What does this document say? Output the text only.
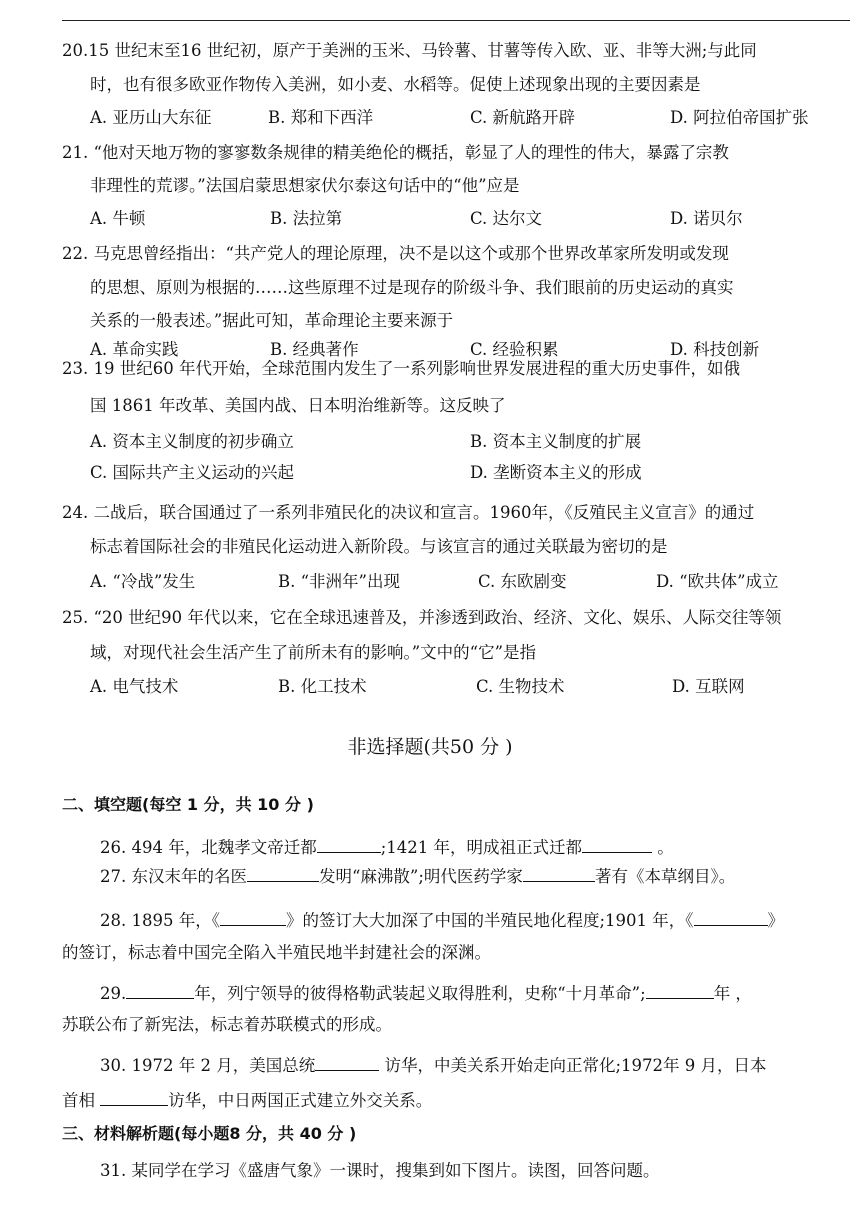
20.15 世纪末至16 世纪初，原产于美洲的玉米、马铃薯、甘薯等传入欧、亚、非等大洲;与此同
时，也有很多欧亚作物传入美洲，如小麦、水稻等。促使上述现象出现的主要因素是
A. 亚历山大东征	B. 郑和下西洋	C. 新航路开辟	D. 阿拉伯帝国扩张
21. “他对天地万物的寥寥数条规律的精美绝伦的概括，彰显了人的理性的伟大，暴露了宗教
非理性的荒谬。”法国启蒙思想家伏尔泰这句话中的“他”应是
A. 牛顿	B. 法拉第	C. 达尔文	D. 诺贝尔
22. 马克思曾经指出：“共产党人的理论原理，决不是以这个或那个世界改革家所发明或发现
的思想、原则为根据的……这些原理不过是现存的阶级斗争、我们眼前的历史运动的真实
关系的一般表述。”据此可知，革命理论主要来源于
A. 革命实践	B. 经典著作	C. 经验积累	D. 科技创新
23. 19 世纪60 年代开始，全球范围内发生了一系列影响世界发展进程的重大历史事件，如俄
国 1861 年改革、美国内战、日本明治维新等。这反映了
A. 资本主义制度的初步确立	B. 资本主义制度的扩展
C. 国际共产主义运动的兴起	D. 垄断资本主义的形成
24. 二战后，联合国通过了一系列非殖民化的决议和宣言。1960年，《反殖民主义宣言》的通过
标志着国际社会的非殖民化运动进入新阶段。与该宣言的通过关联最为密切的是
A. “冷战”发生	B. “非洲年”出现	C. 东欧剧变	D. “欧共体”成立
25. “20 世纪90 年代以来，它在全球迅速普及，并渗透到政治、经济、文化、娱乐、人际交往等领
域，对现代社会生活产生了前所未有的影响。”文中的“它”是指
A. 电气技术	B. 化工技术	C. 生物技术	D. 互联网
非选择题(共50 分 )
二、填空题(每空 1 分，共 10 分 )
26. 494 年，北魏孝文帝迁都	;1421 年，明成祖正式迁都	。
27. 东汉末年的名医	发明“麻沸散”;明代医药学家	著有《本草纲目》。
28. 1895 年，《	》的签订大大加深了中国的半殖民地化程度;1901 年，《	》
的签订，标志着中国完全陷入半殖民地半封建社会的深渊。
29.	年，列宁领导的彼得格勒武装起义取得胜利，史称“十月革命”;	年 ，
苏联公布了新宪法，标志着苏联模式的形成。
30. 1972 年 2 月，美国总统	访华，中美关系开始走向正常化;1972年 9 月，日本
首相	访华，中日两国正式建立外交关系。
三、材料解析题(每小题8 分，共 40 分 )
31. 某同学在学习《盛唐气象》一课时，搜集到如下图片。读图，回答问题。
